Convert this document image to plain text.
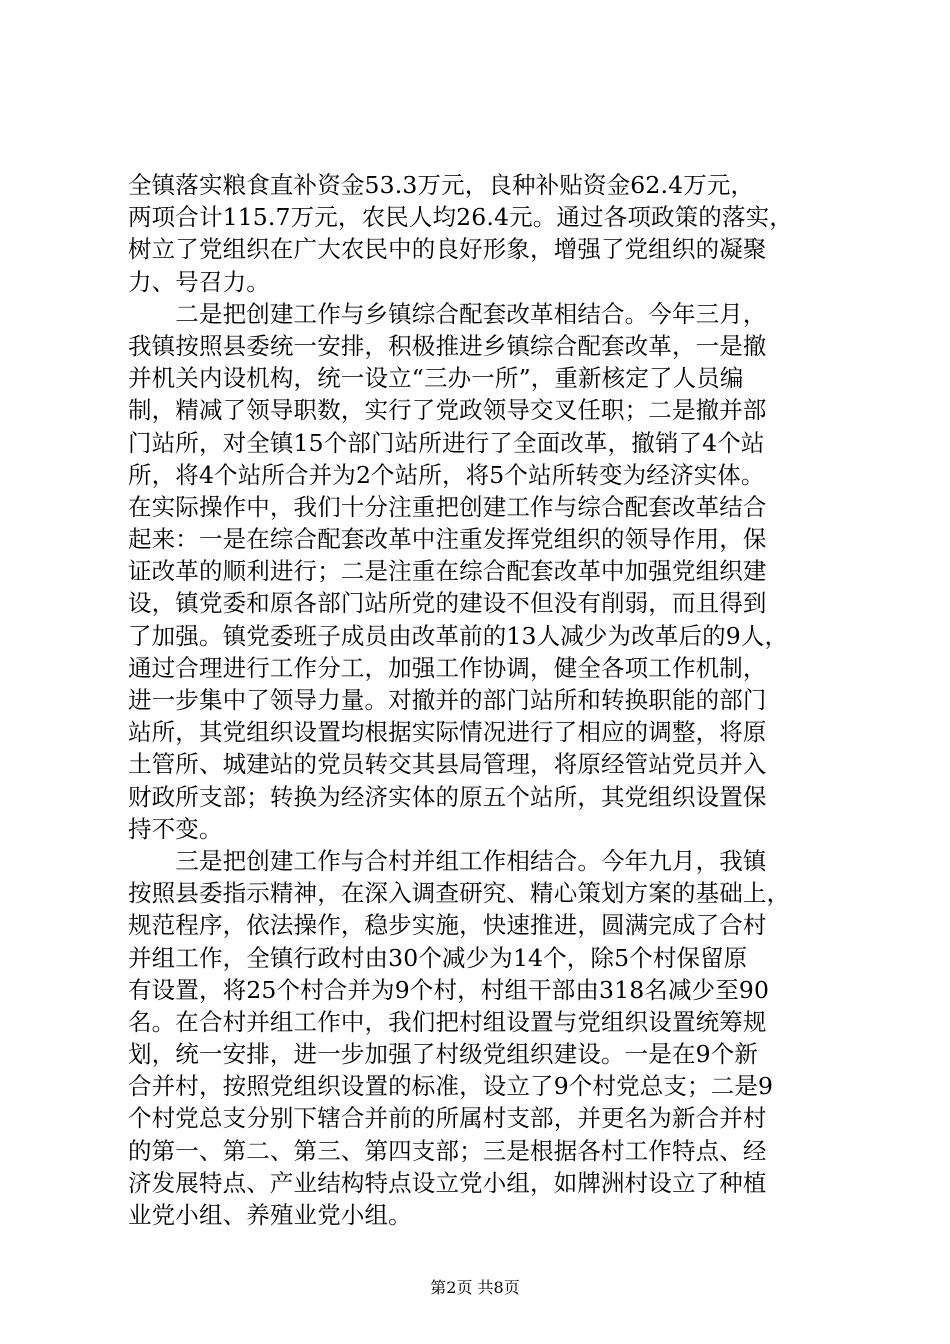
全镇落实粮食直补资金53.3万元，良种补贴资金62.4万元，
两项合计115.7万元，农民人均26.4元。通过各项政策的落实，
树立了党组织在广大农民中的良好形象，增强了党组织的凝聚
力、号召力。
　　二是把创建工作与乡镇综合配套改革相结合。今年三月，
我镇按照县委统一安排，积极推进乡镇综合配套改革，一是撤
并机关内设机构，统一设立“三办一所”，重新核定了人员编
制，精减了领导职数，实行了党政领导交叉任职；二是撤并部
门站所，对全镇15个部门站所进行了全面改革，撤销了4个站
所，将4个站所合并为2个站所，将5个站所转变为经济实体。
在实际操作中，我们十分注重把创建工作与综合配套改革结合
起来：一是在综合配套改革中注重发挥党组织的领导作用，保
证改革的顺利进行；二是注重在综合配套改革中加强党组织建
设，镇党委和原各部门站所党的建设不但没有削弱，而且得到
了加强。镇党委班子成员由改革前的13人减少为改革后的9人，
通过合理进行工作分工，加强工作协调，健全各项工作机制，
进一步集中了领导力量。对撤并的部门站所和转换职能的部门
站所，其党组织设置均根据实际情况进行了相应的调整，将原
土管所、城建站的党员转交其县局管理，将原经管站党员并入
财政所支部；转换为经济实体的原五个站所，其党组织设置保
持不变。
　　三是把创建工作与合村并组工作相结合。今年九月，我镇
按照县委指示精神，在深入调查研究、精心策划方案的基础上，
规范程序，依法操作，稳步实施，快速推进，圆满完成了合村
并组工作，全镇行政村由30个减少为14个，除5个村保留原
有设置，将25个村合并为9个村，村组干部由318名减少至90
名。在合村并组工作中，我们把村组设置与党组织设置统筹规
划，统一安排，进一步加强了村级党组织建设。一是在9个新
合并村，按照党组织设置的标准，设立了9个村党总支；二是9
个村党总支分别下辖合并前的所属村支部，并更名为新合并村
的第一、第二、第三、第四支部；三是根据各村工作特点、经
济发展特点、产业结构特点设立党小组，如牌洲村设立了种植
业党小组、养殖业党小组。
第2页 共8页
